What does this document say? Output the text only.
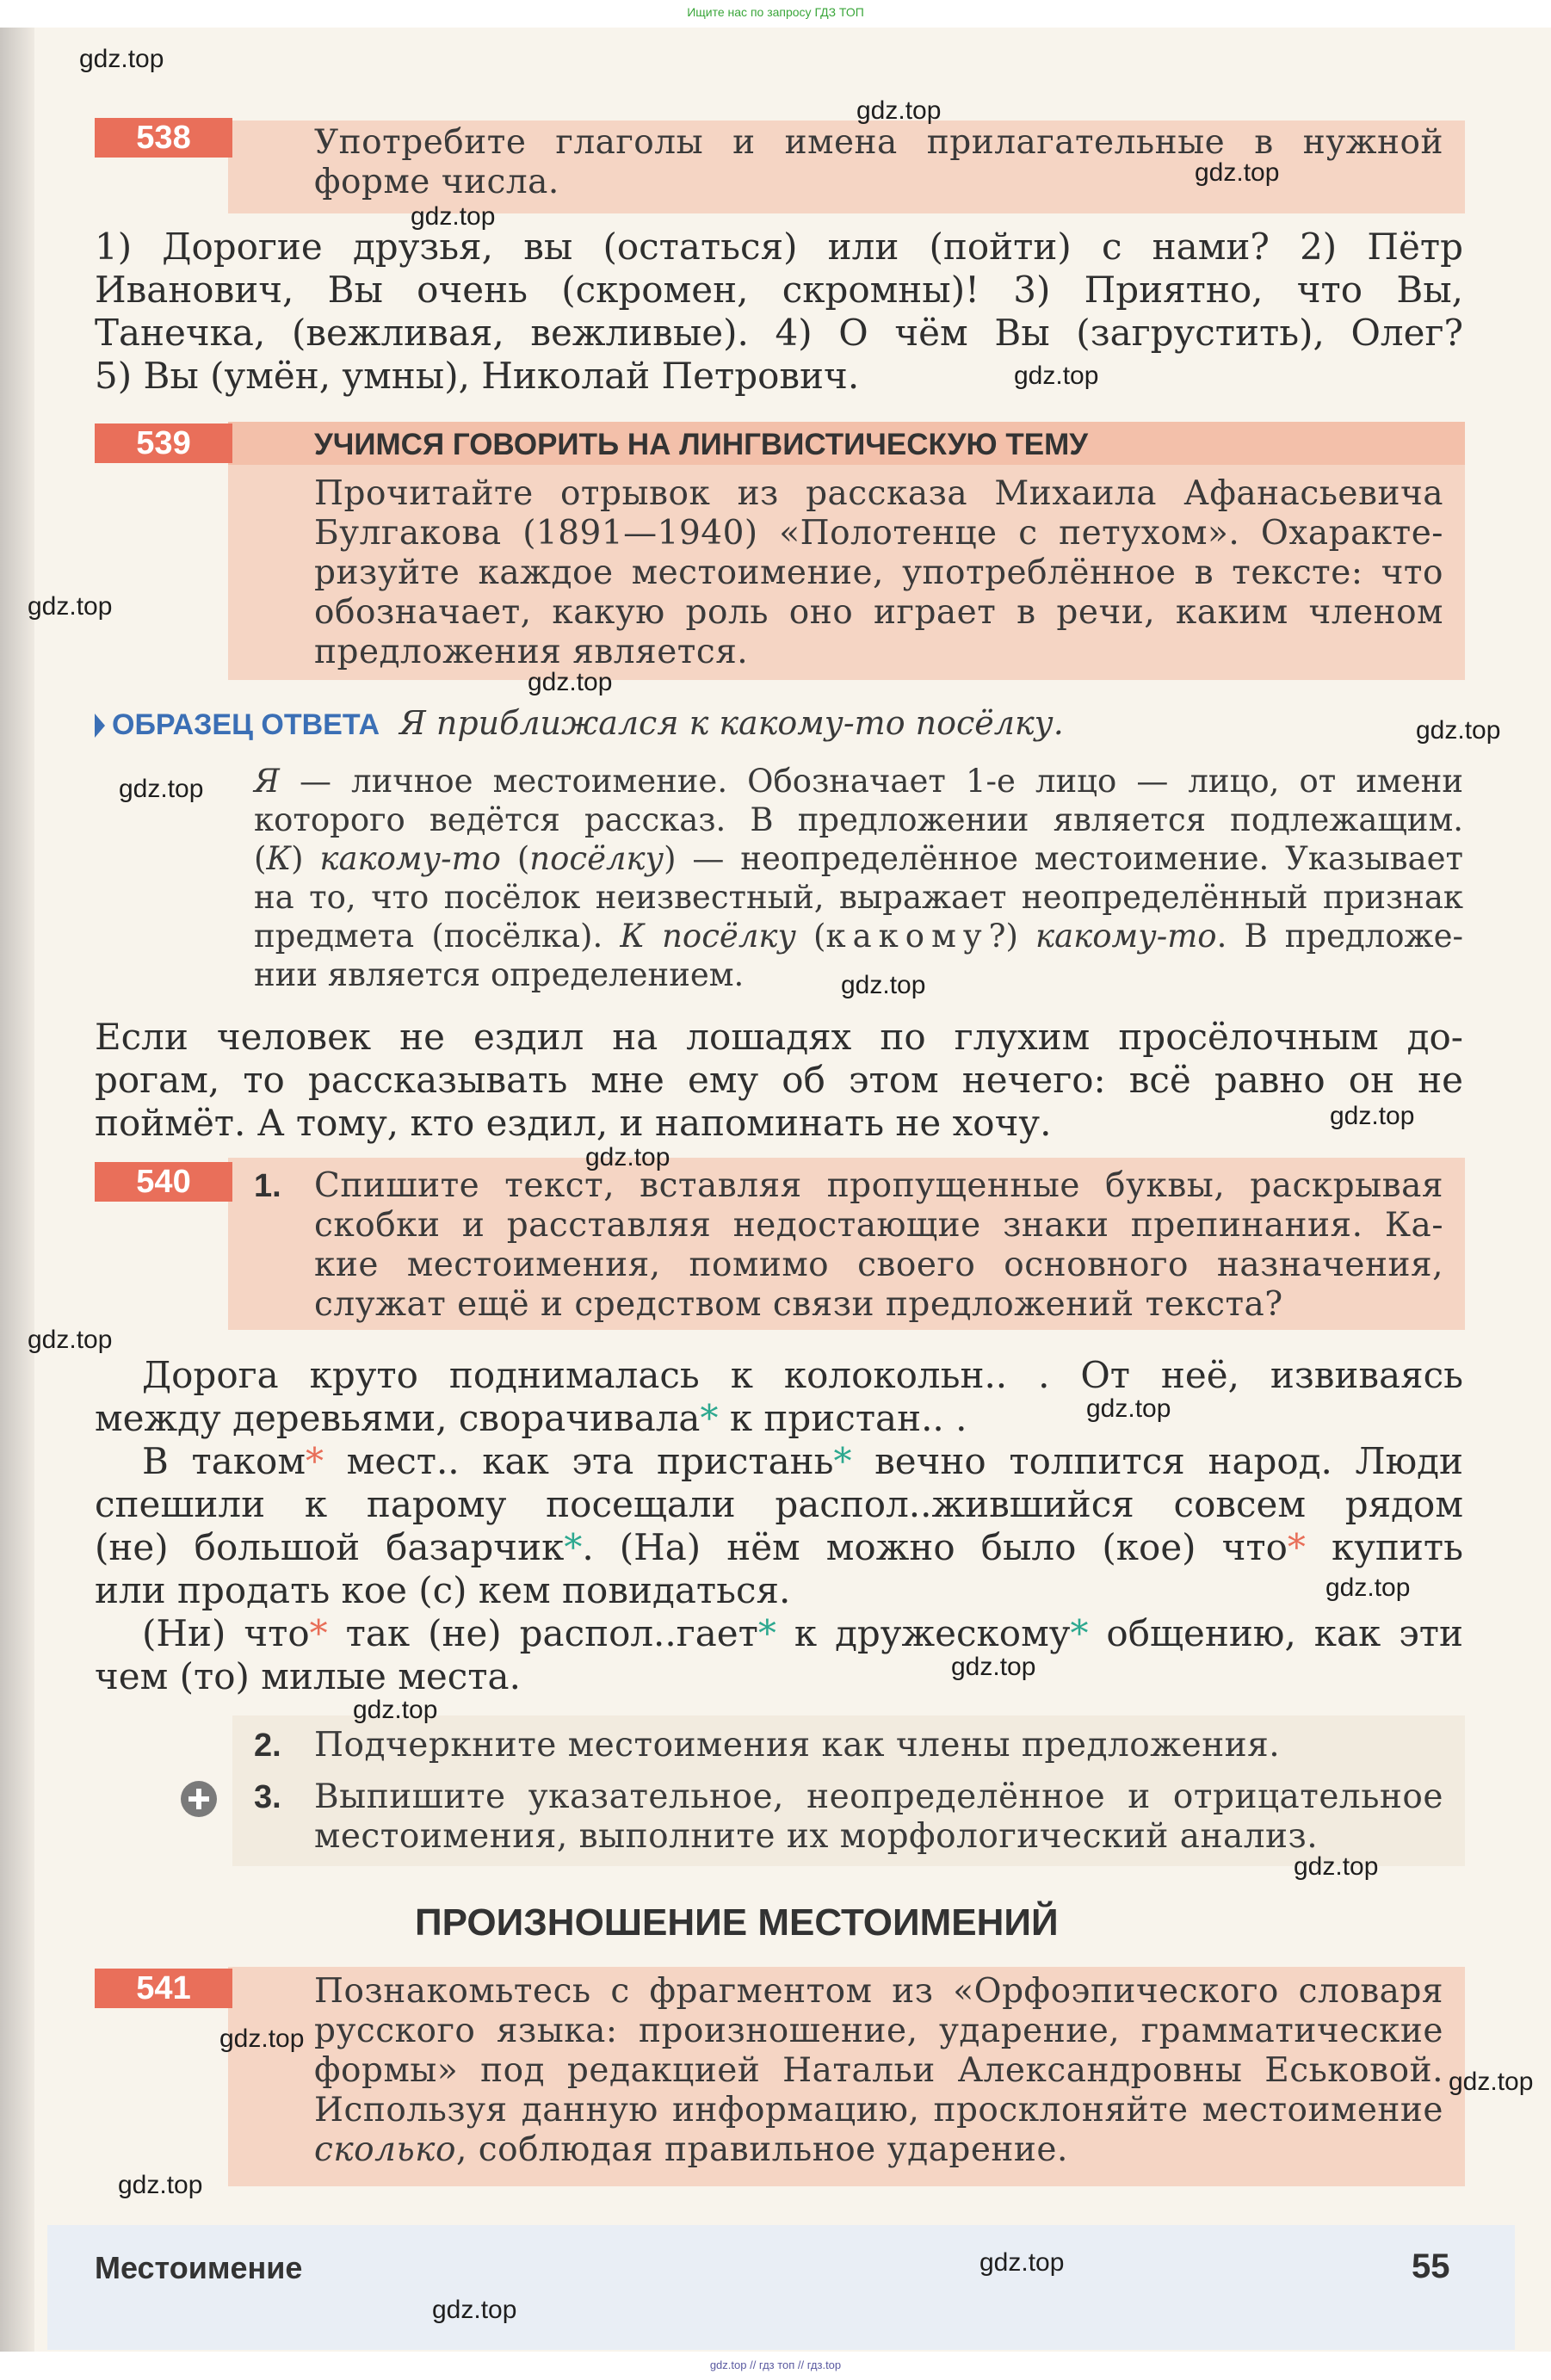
Ищите нас по запросу ГДЗ ТОП
538	Употребите глаголы и имена прилагательные в нужной
форме числа.
1) Дорогие друзья, вы (остаться) или (пойти) с нами? 2) Пётр
Иванович, Вы очень (скромен, скромны)! 3) Приятно, что Вы,
Танечка, (вежливая, вежливые). 4) О чём Вы (загрустить), Олег?
5) Вы (умён, умны), Николай Петрович.
539	УЧИМСЯ ГОВОРИТЬ НА ЛИНГВИСТИЧЕСКУЮ ТЕМУ
Прочитайте отрывок из рассказа Михаила Афанасьевича
Булгакова (1891—1940) «Полотенце с петухом». Охаракте-
ризуйте каждое местоимение, употреблённое в тексте: что
обозначает, какую роль оно играет в речи, каким членом
предложения является.
ОБРАЗЕЦ ОТВЕТА Я приближался к какому-то посёлку.
Я — личное местоимение. Обозначает 1-е лицо — лицо, от имени
которого ведётся рассказ. В предложении является подлежащим.
(К) какому-то (посёлку) — неопределённое местоимение. Указывает
на то, что посёлок неизвестный, выражает неопределённый признак
предмета (посёлка). К посёлку (какому?) какому-то. В предложе-
нии является определением.
Если человек не ездил на лошадях по глухим просёлочным до-
рогам, то рассказывать мне ему об этом нечего: всё равно он не
поймёт. А тому, кто ездил, и напоминать не хочу.
540	1. Спишите текст, вставляя пропущенные буквы, раскрывая
скобки и расставляя недостающие знаки препинания. Ка-
кие местоимения, помимо своего основного назначения,
служат ещё и средством связи предложений текста?
Дорога круто поднималась к колокольн.. . От неё, извиваясь
между деревьями, сворачивала* к пристан.. .
В таком* мест.. как эта пристань* вечно толпится народ. Люди
спешили к парому посещали распол..жившийся совсем рядом
(не) большой базарчик*. (На) нём можно было (кое) что* купить
или продать кое (с) кем повидаться.
(Ни) что* так (не) распол..гает* к дружескому* общению, как эти
чем (то) милые места.
2. Подчеркните местоимения как члены предложения.
3. Выпишите указательное, неопределённое и отрицательное
местоимения, выполните их морфологический анализ.
ПРОИЗНОШЕНИЕ МЕСТОИМЕНИЙ
541	Познакомьтесь с фрагментом из «Орфоэпического словаря
русского языка: произношение, ударение, грамматические
формы» под редакцией Натальи Александровны Еськовой.
Используя данную информацию, просклоняйте местоимение
сколько, соблюдая правильное ударение.
Местоимение	55
gdz.top
gdz.top
gdz.top
gdz.top
gdz.top
gdz.top
gdz.top
gdz.top
gdz.top
gdz.top
gdz.top
gdz.top
gdz.top
gdz.top
gdz.top
gdz.top
gdz.top
gdz.top
gdz.top
gdz.top
gdz.top
gdz.top
gdz.top
gdz.top // гдз топ // гдз.top
